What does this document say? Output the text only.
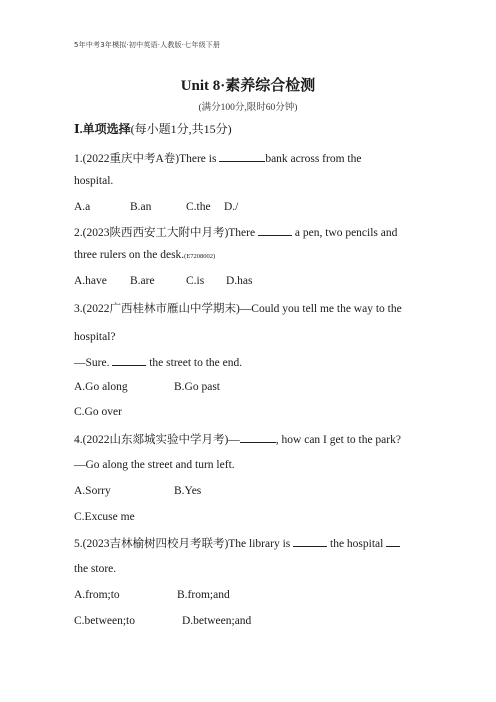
5年中考3年模拟·初中英语·人教版·七年级下册
Unit 8·素养综合检测
(满分100分,限时60分钟)
Ⅰ.单项选择(每小题1分,共15分)
1.(2022重庆中考A卷)There is	bank across from the
hospital.
A.a	B.an	C.the D./
2.(2023陕西西安工大附中月考)There	a pen, two pencils and
three rulers on the desk.(E7208002)
A.have B.are	C.is D.has
3.(2022广西桂林市雁山中学期末)—Could you tell me the way to the
hospital?
—Sure.	the street to the end.
A.Go along	B.Go past
C.Go over
4.(2022山东郯城实验中学月考)—	, how can I get to the park?
—Go along the street and turn left.
A.Sorry	B.Yes
C.Excuse me
5.(2023吉林榆树四校月考联考)The library is	the hospital
the store.
A.from;to	B.from;and
C.between;to	D.between;and
